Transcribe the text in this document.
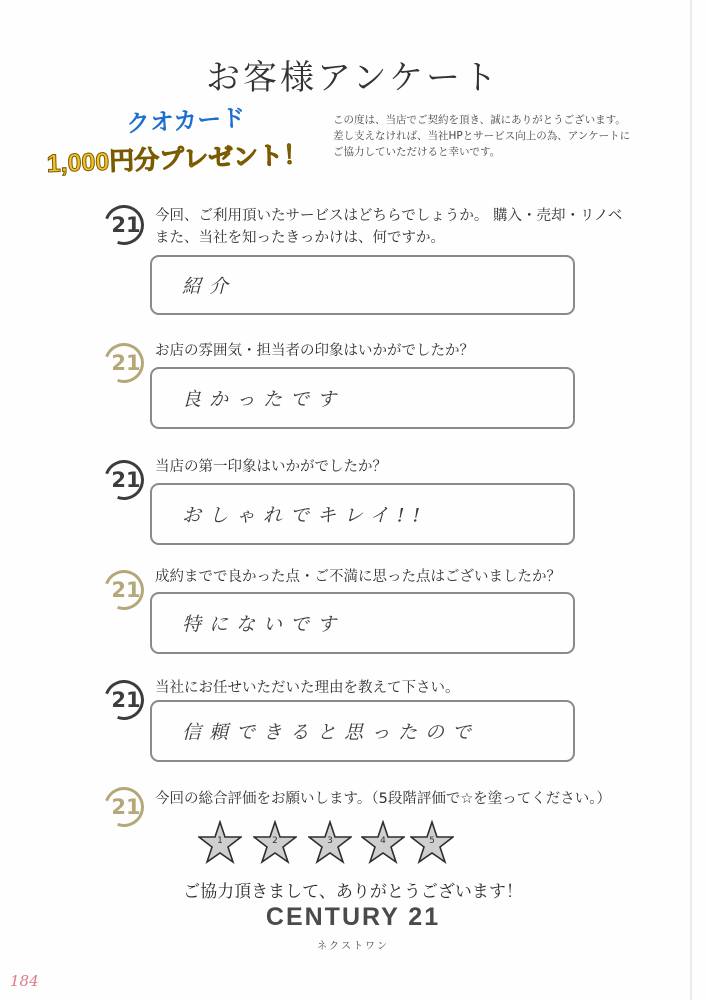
お客様アンケート
クオカード
1,000円分プレゼント！
この度は、当店でご契約を頂き、誠にありがとうございます。
差し支えなければ、当社HPとサービス向上の為、アンケートに
ご協力していただけると幸いです。
21 今回、ご利用頂いたサービスはどちらでしょうか。 購入・売却・リノベ
また、当社を知ったきっかけは、何ですか。
紹介
21 お店の雰囲気・担当者の印象はいかがでしたか？
良かったです
21
当店の第一印象はいかがでしたか？
おしゃれでキレイ!!
21
成約までで良かった点・ご不満に思った点はございましたか？
特にないです
21 当社にお任せいただいた理由を教えて下さい。
信頼できると思ったので
21 今回の総合評価をお願いします。（5段階評価で☆を塗ってください。）
1	2	3	4	5
ご協力頂きまして、ありがとうございます！
CENTURY 21
ネクストワン
184
